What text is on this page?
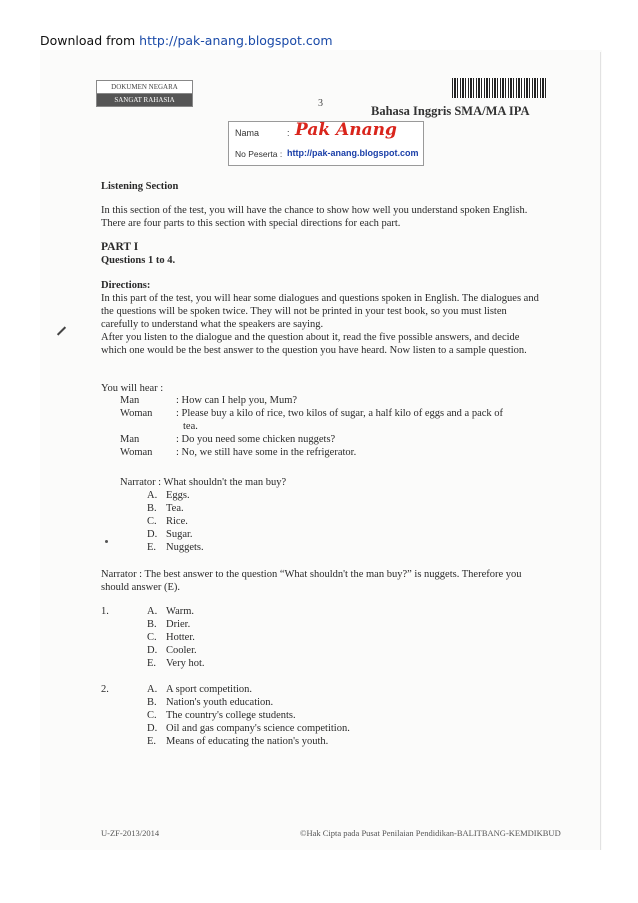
Download from http://pak-anang.blogspot.com
DOKUMEN NEGARA
SANGAT RAHASIA	3
Bahasa Inggris SMA/MA IPA
Nama	: Pak Anang
No Peserta : http://pak-anang.blogspot.com

Listening Section

In this section of the test, you will have the chance to show how well you understand spoken English. There are four parts to this section with special directions for each part.

PART I

Questions 1 to 4.

Directions:

In this part of the test, you will hear some dialogues and questions spoken in English. The dialogues and the questions will be spoken twice. They will not be printed in your test book, so you must listen carefully to understand what the speakers are saying.

After you listen to the dialogue and the question about it, read the five possible answers, and decide which one would be the best answer to the question you have heard. Now listen to a sample question.

You will hear :

Man	: How can I help you, Mum?
Woman : Please buy a kilo of rice, two kilos of sugar, a half kilo of eggs and a pack of
tea.
Man	: Do you need some chicken nuggets?
Woman : No, we still have some in the refrigerator.
Narrator : What shouldn't the man buy?
A. Eggs.
B. Tea.
C. Rice.
D. Sugar.
E. Nuggets.

Narrator : The best answer to the question “What shouldn't the man buy?” is nuggets. Therefore you should answer (E).

1.	A. Warm.
B. Drier.
C. Hotter.
D. Cooler.
E. Very hot.
2.	A. A sport competition.
B. Nation's youth education.
C. The country's college students.
D. Oil and gas company's science competition.
E. Means of educating the nation's youth.
U-ZF-2013/2014	©Hak Cipta pada Pusat Penilaian Pendidikan-BALITBANG-KEMDIKBUD
